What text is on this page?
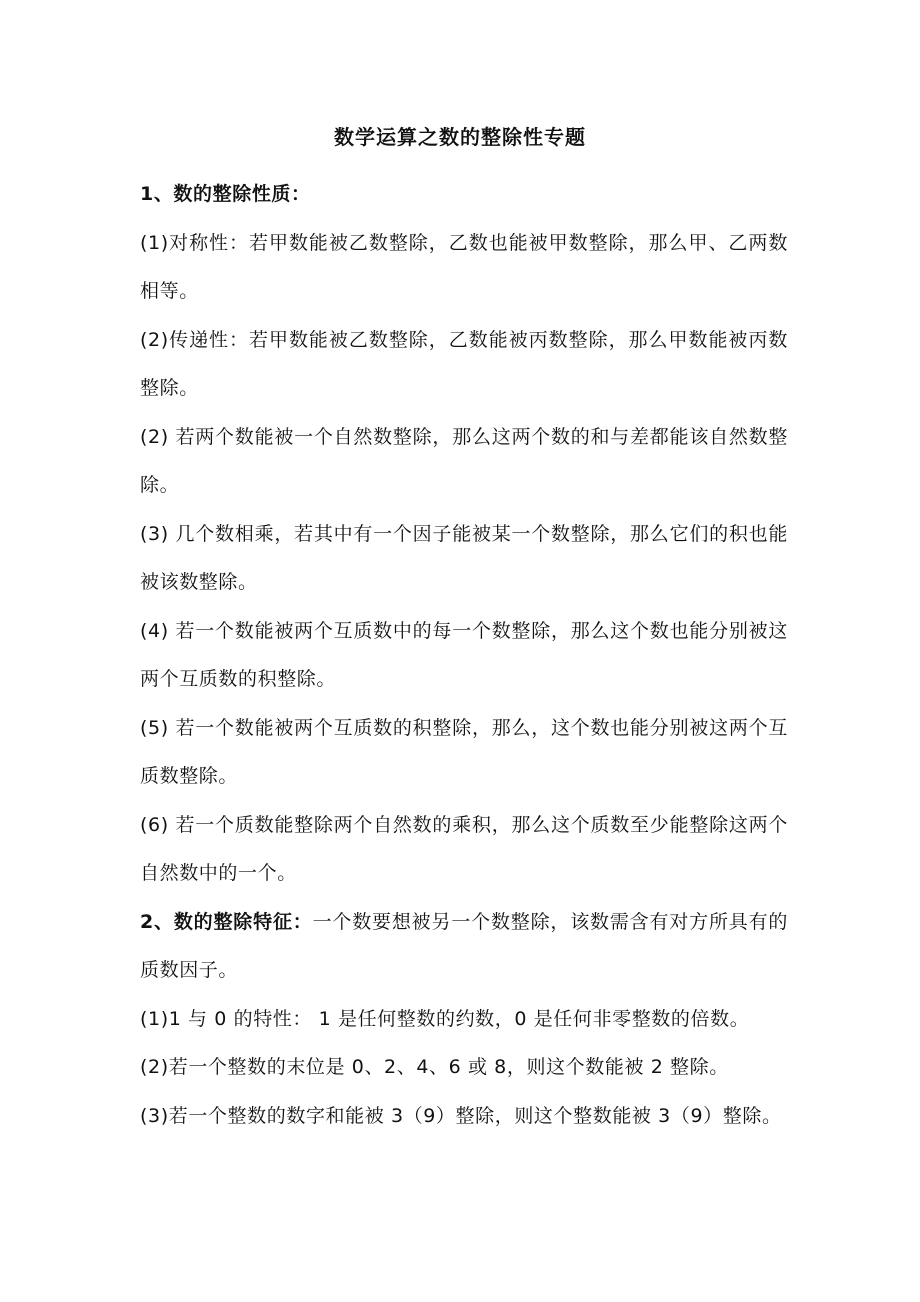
数学运算之数的整除性专题

1、数的整除性质：

(1)对称性：若甲数能被乙数整除，乙数也能被甲数整除，那么甲、乙两数相等。

(2)传递性：若甲数能被乙数整除，乙数能被丙数整除，那么甲数能被丙数整除。

(2) 若两个数能被一个自然数整除，那么这两个数的和与差都能该自然数整除。

(3) 几个数相乘，若其中有一个因子能被某一个数整除，那么它们的积也能被该数整除。

(4) 若一个数能被两个互质数中的每一个数整除，那么这个数也能分别被这两个互质数的积整除。

(5) 若一个数能被两个互质数的积整除，那么，这个数也能分别被这两个互质数整除。

(6) 若一个质数能整除两个自然数的乘积，那么这个质数至少能整除这两个自然数中的一个。

2、数的整除特征：一个数要想被另一个数整除，该数需含有对方所具有的质数因子。

(1)1 与 0 的特性： 1 是任何整数的约数，0 是任何非零整数的倍数。

(2)若一个整数的末位是 0、2、4、6 或 8，则这个数能被 2 整除。

(3)若一个整数的数字和能被 3（9）整除，则这个整数能被 3（9）整除。
